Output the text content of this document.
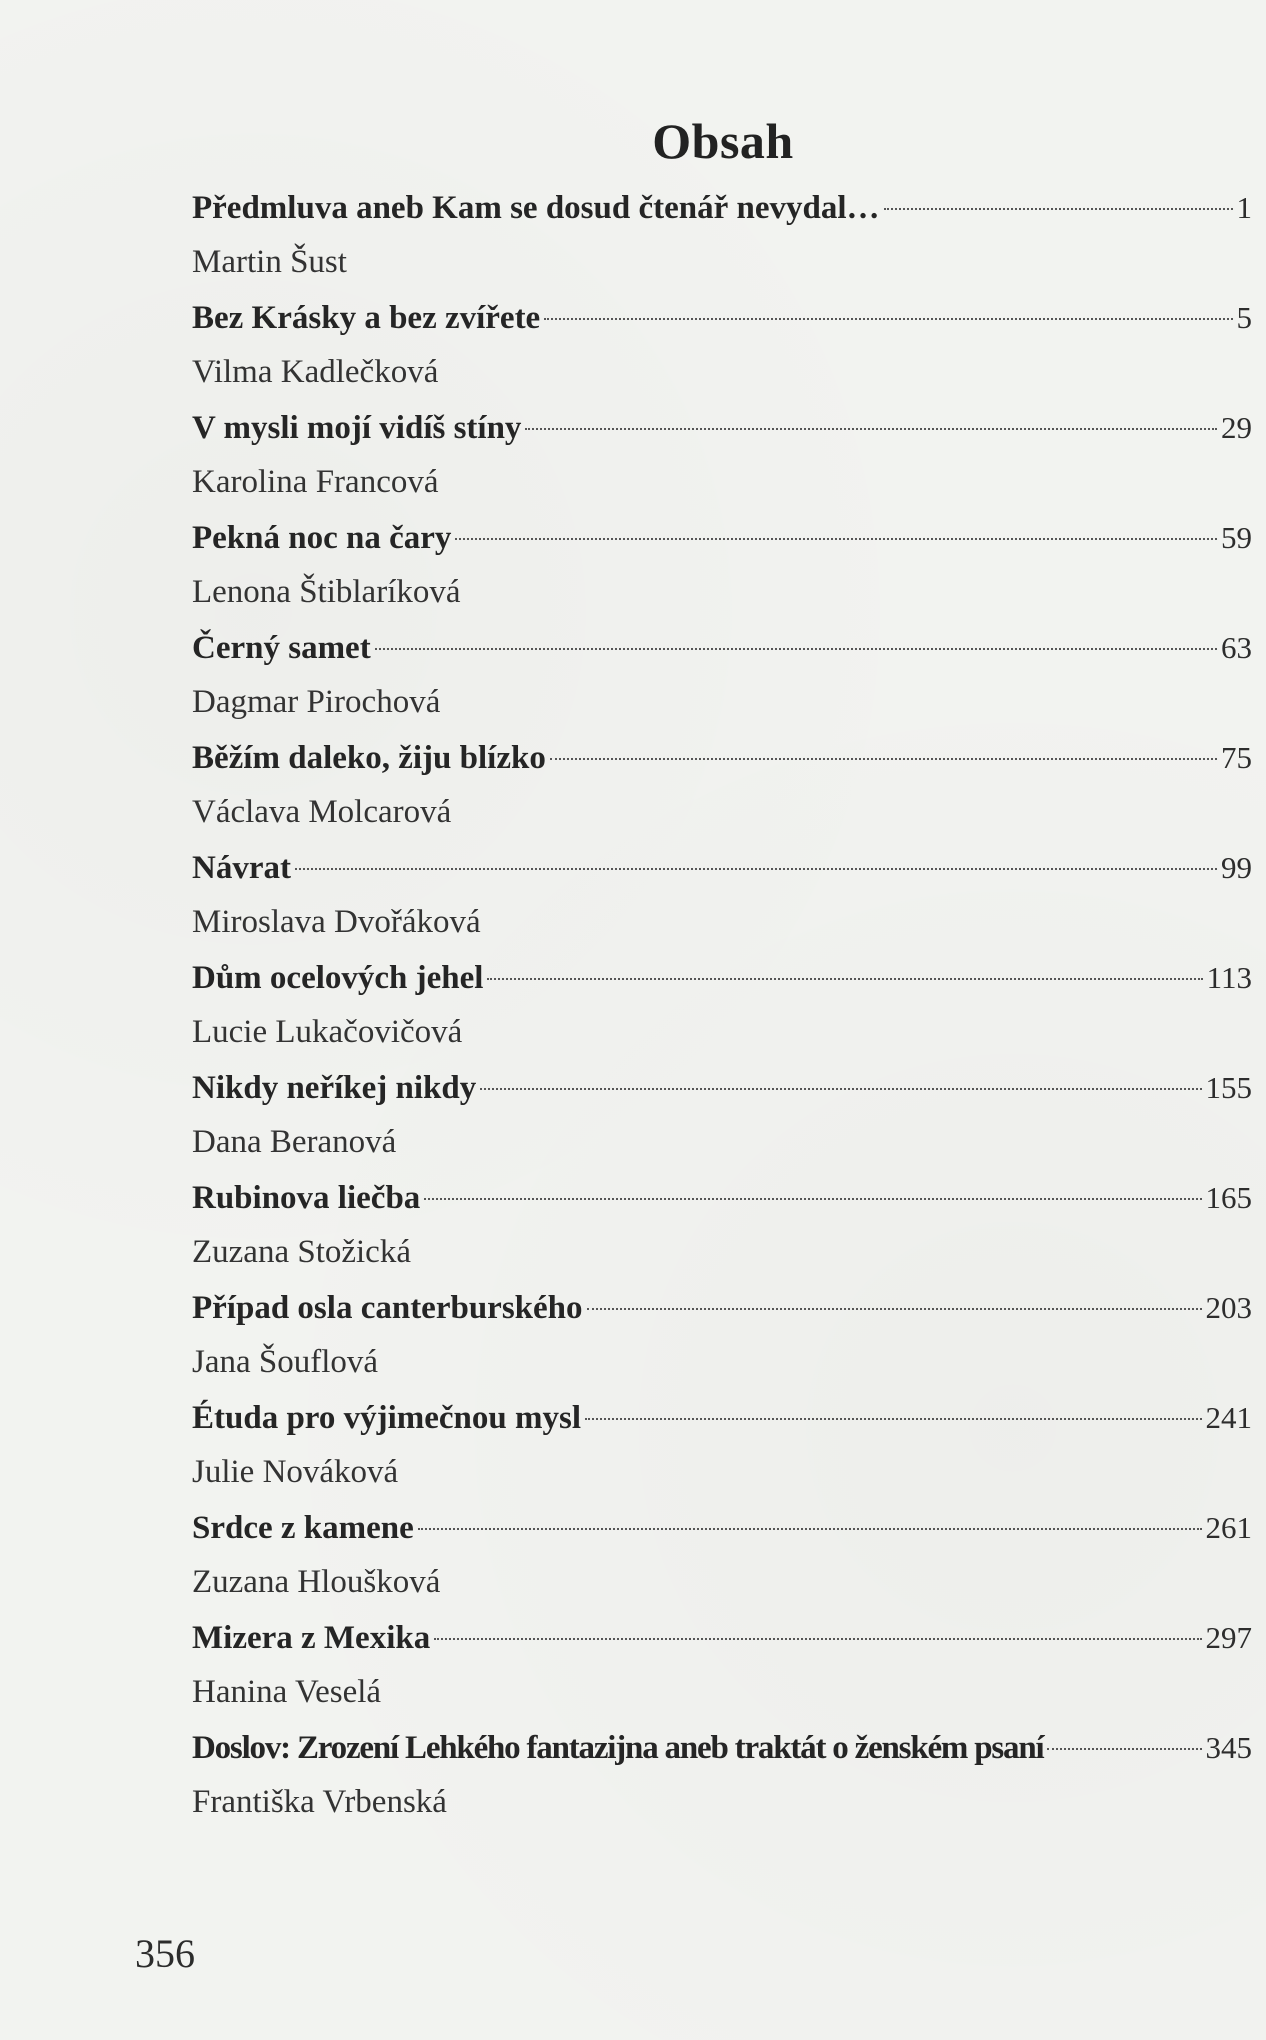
Obsah
Předmluva aneb Kam se dosud čtenář nevydal…	1
Martin Šust
Bez Krásky a bez zvířete	5
Vilma Kadlečková
V mysli mojí vidíš stíny	29
Karolina Francová
Pekná noc na čary	59
Lenona Štiblaríková
Černý samet	63
Dagmar Pirochová
Běžím daleko, žiju blízko	75
Václava Molcarová
Návrat	99
Miroslava Dvořáková
Dům ocelových jehel	113
Lucie Lukačovičová
Nikdy neříkej nikdy	155
Dana Beranová
Rubinova liečba	165
Zuzana Stožická
Případ osla canterburského	203
Jana Šouflová
Étuda pro výjimečnou mysl	241
Julie Nováková
Srdce z kamene	261
Zuzana Hloušková
Mizera z Mexika	297
Hanina Veselá
Doslov: Zrození Lehkého fantazijna aneb traktát o ženském psaní	345
Františka Vrbenská
356
